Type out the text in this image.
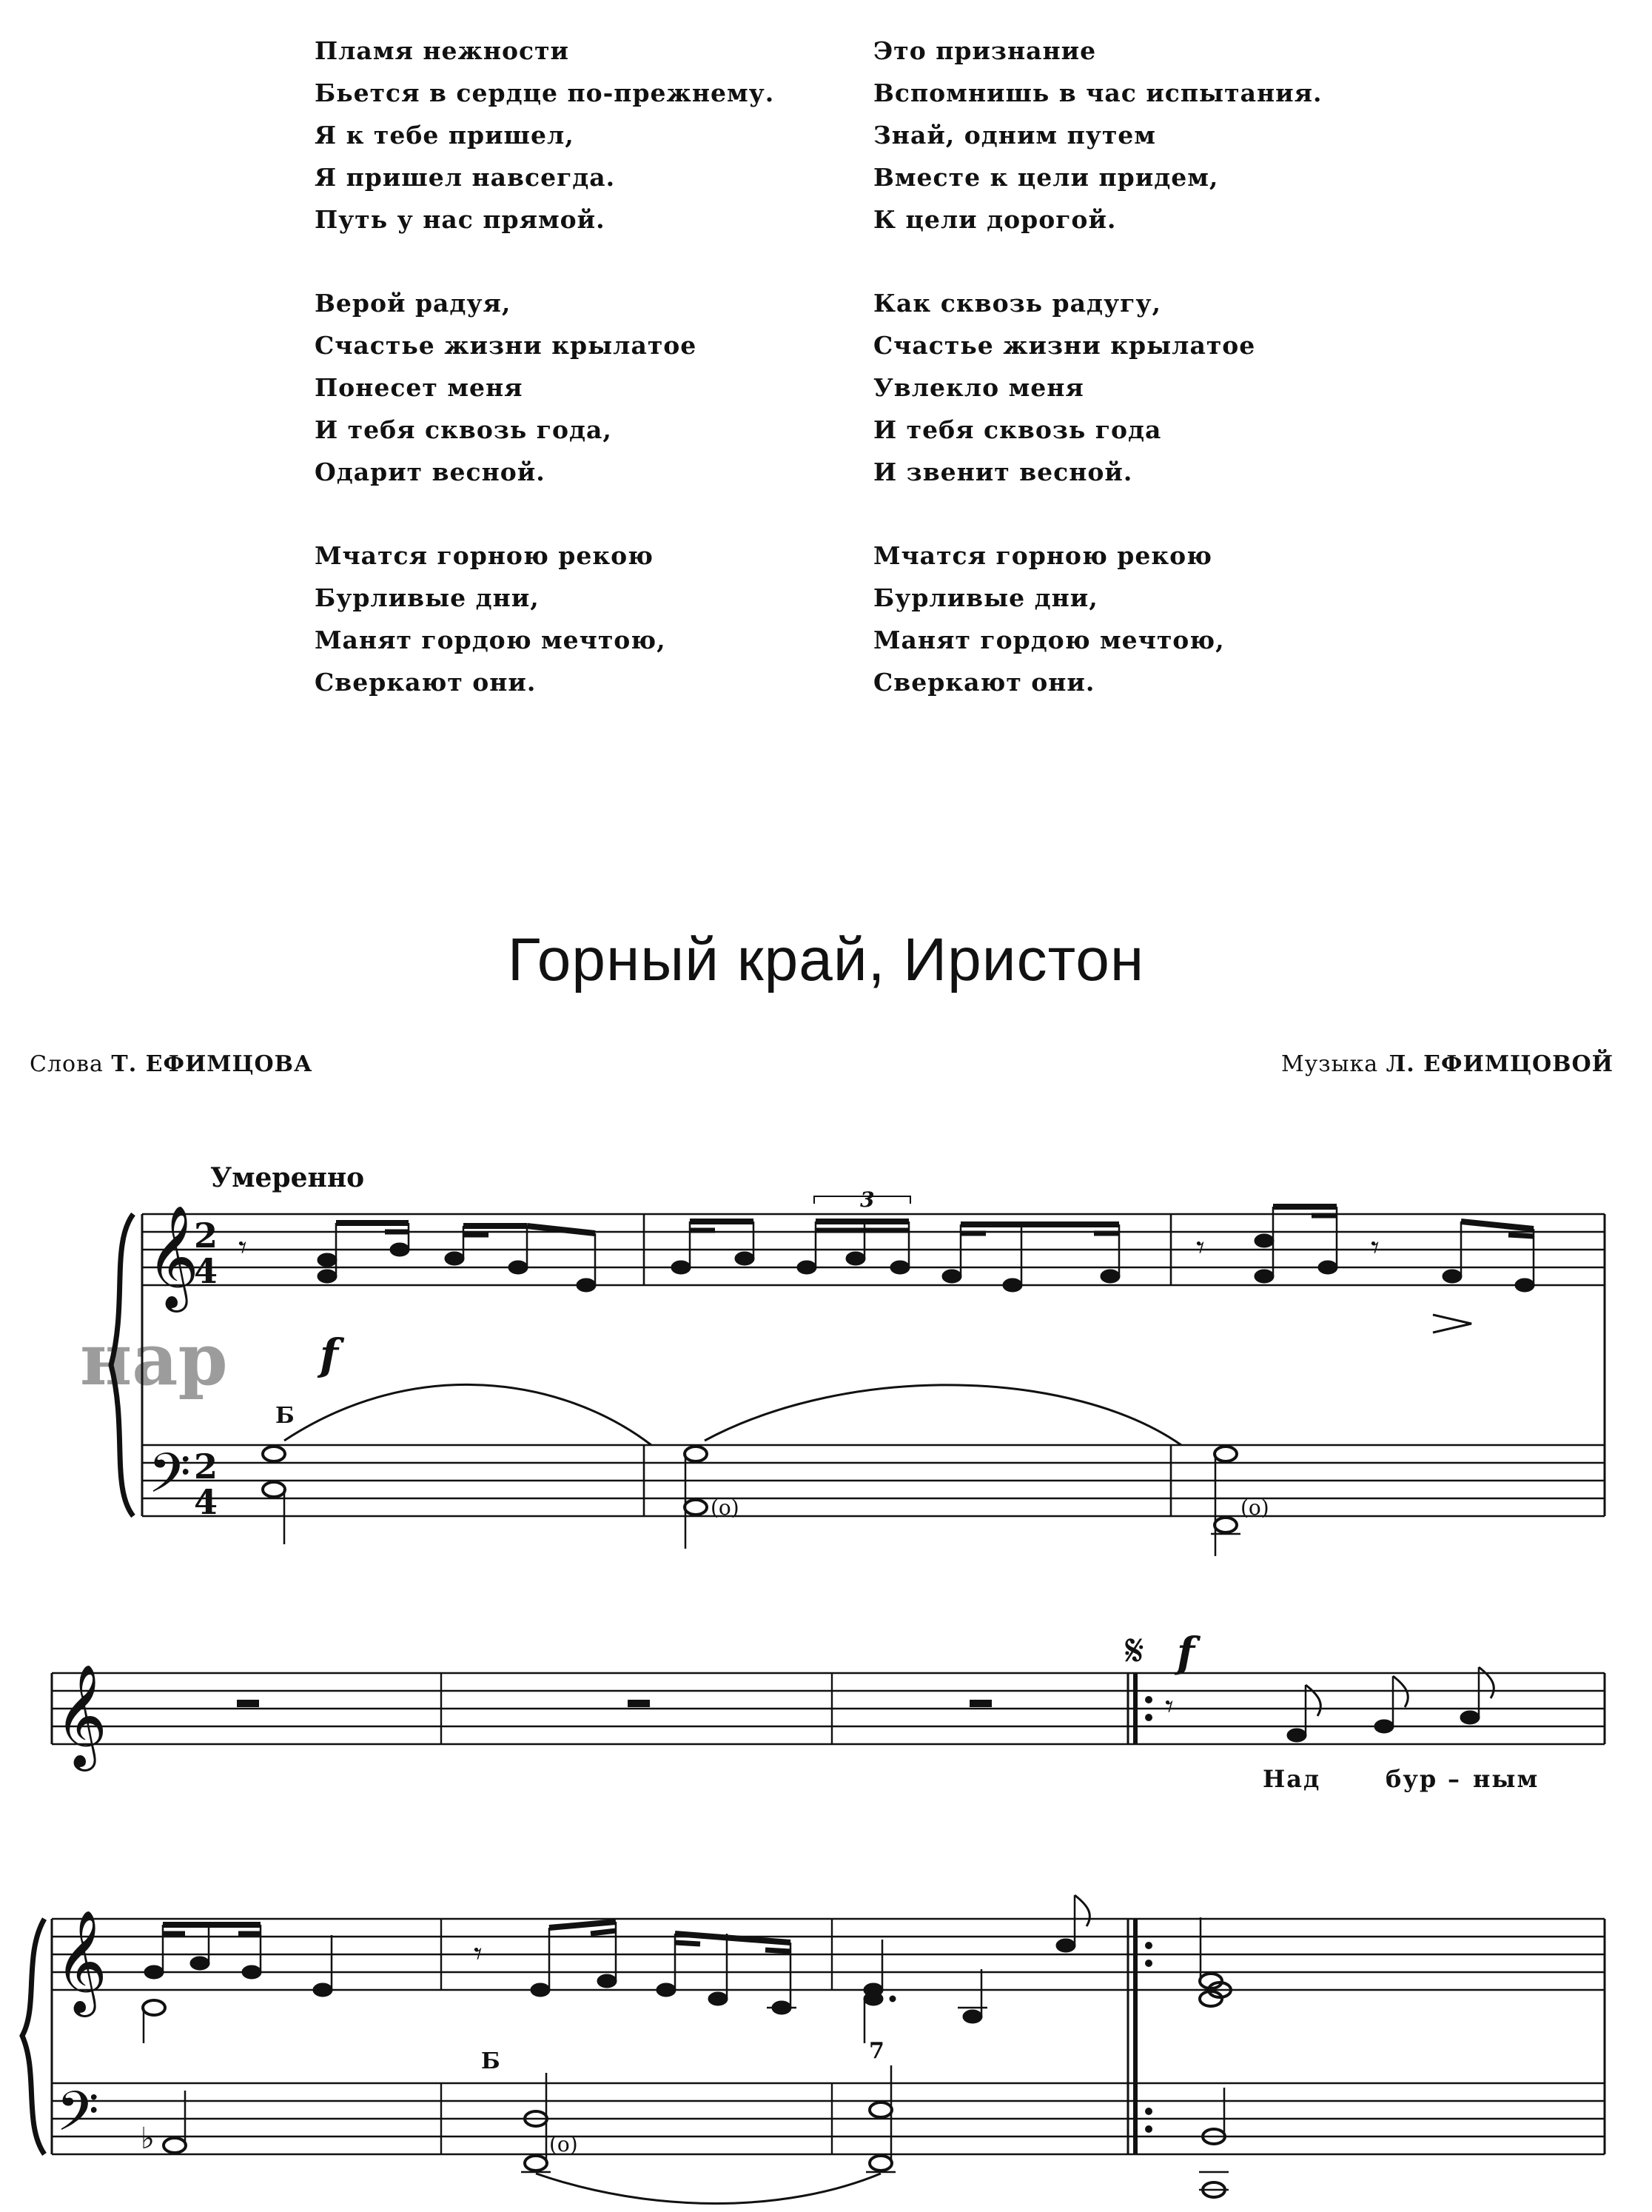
Пламя нежности
Бьется в сердце по-прежнему.
Я к тебе пришел,
Я пришел навсегда.
Путь у нас прямой.
Верой радуя,
Счастье жизни крылатое
Понесет меня
И тебя сквозь года,
Одарит весной.
Мчатся горною рекою
Бурливые дни,
Манят гордою мечтою,
Сверкают они.
Это признание
Вспомнишь в час испытания.
Знай, одним путем
Вместе к цели придем,
К цели дорогой.
Как сквозь радугу,
Счастье жизни крылатое
Увлекло меня
И тебя сквозь года
И звенит весной.
Мчатся горною рекою
Бурливые дни,
Манят гордою мечтою,
Сверкают они.
Горный край, Иристон
Слова Т. ЕФИМЦОВА	Музыка Л. ЕФИМЦОВОЙ
Умеренно
нар
𝄞
𝄢
2
4
2
4
f
3
Б
𝄾	𝄾	𝄾
(o)	(o)
𝄞
𝄋 f
𝄾
𝄞	𝄾
𝄢
Б	7
♭	(o)
Над	бур – ным
